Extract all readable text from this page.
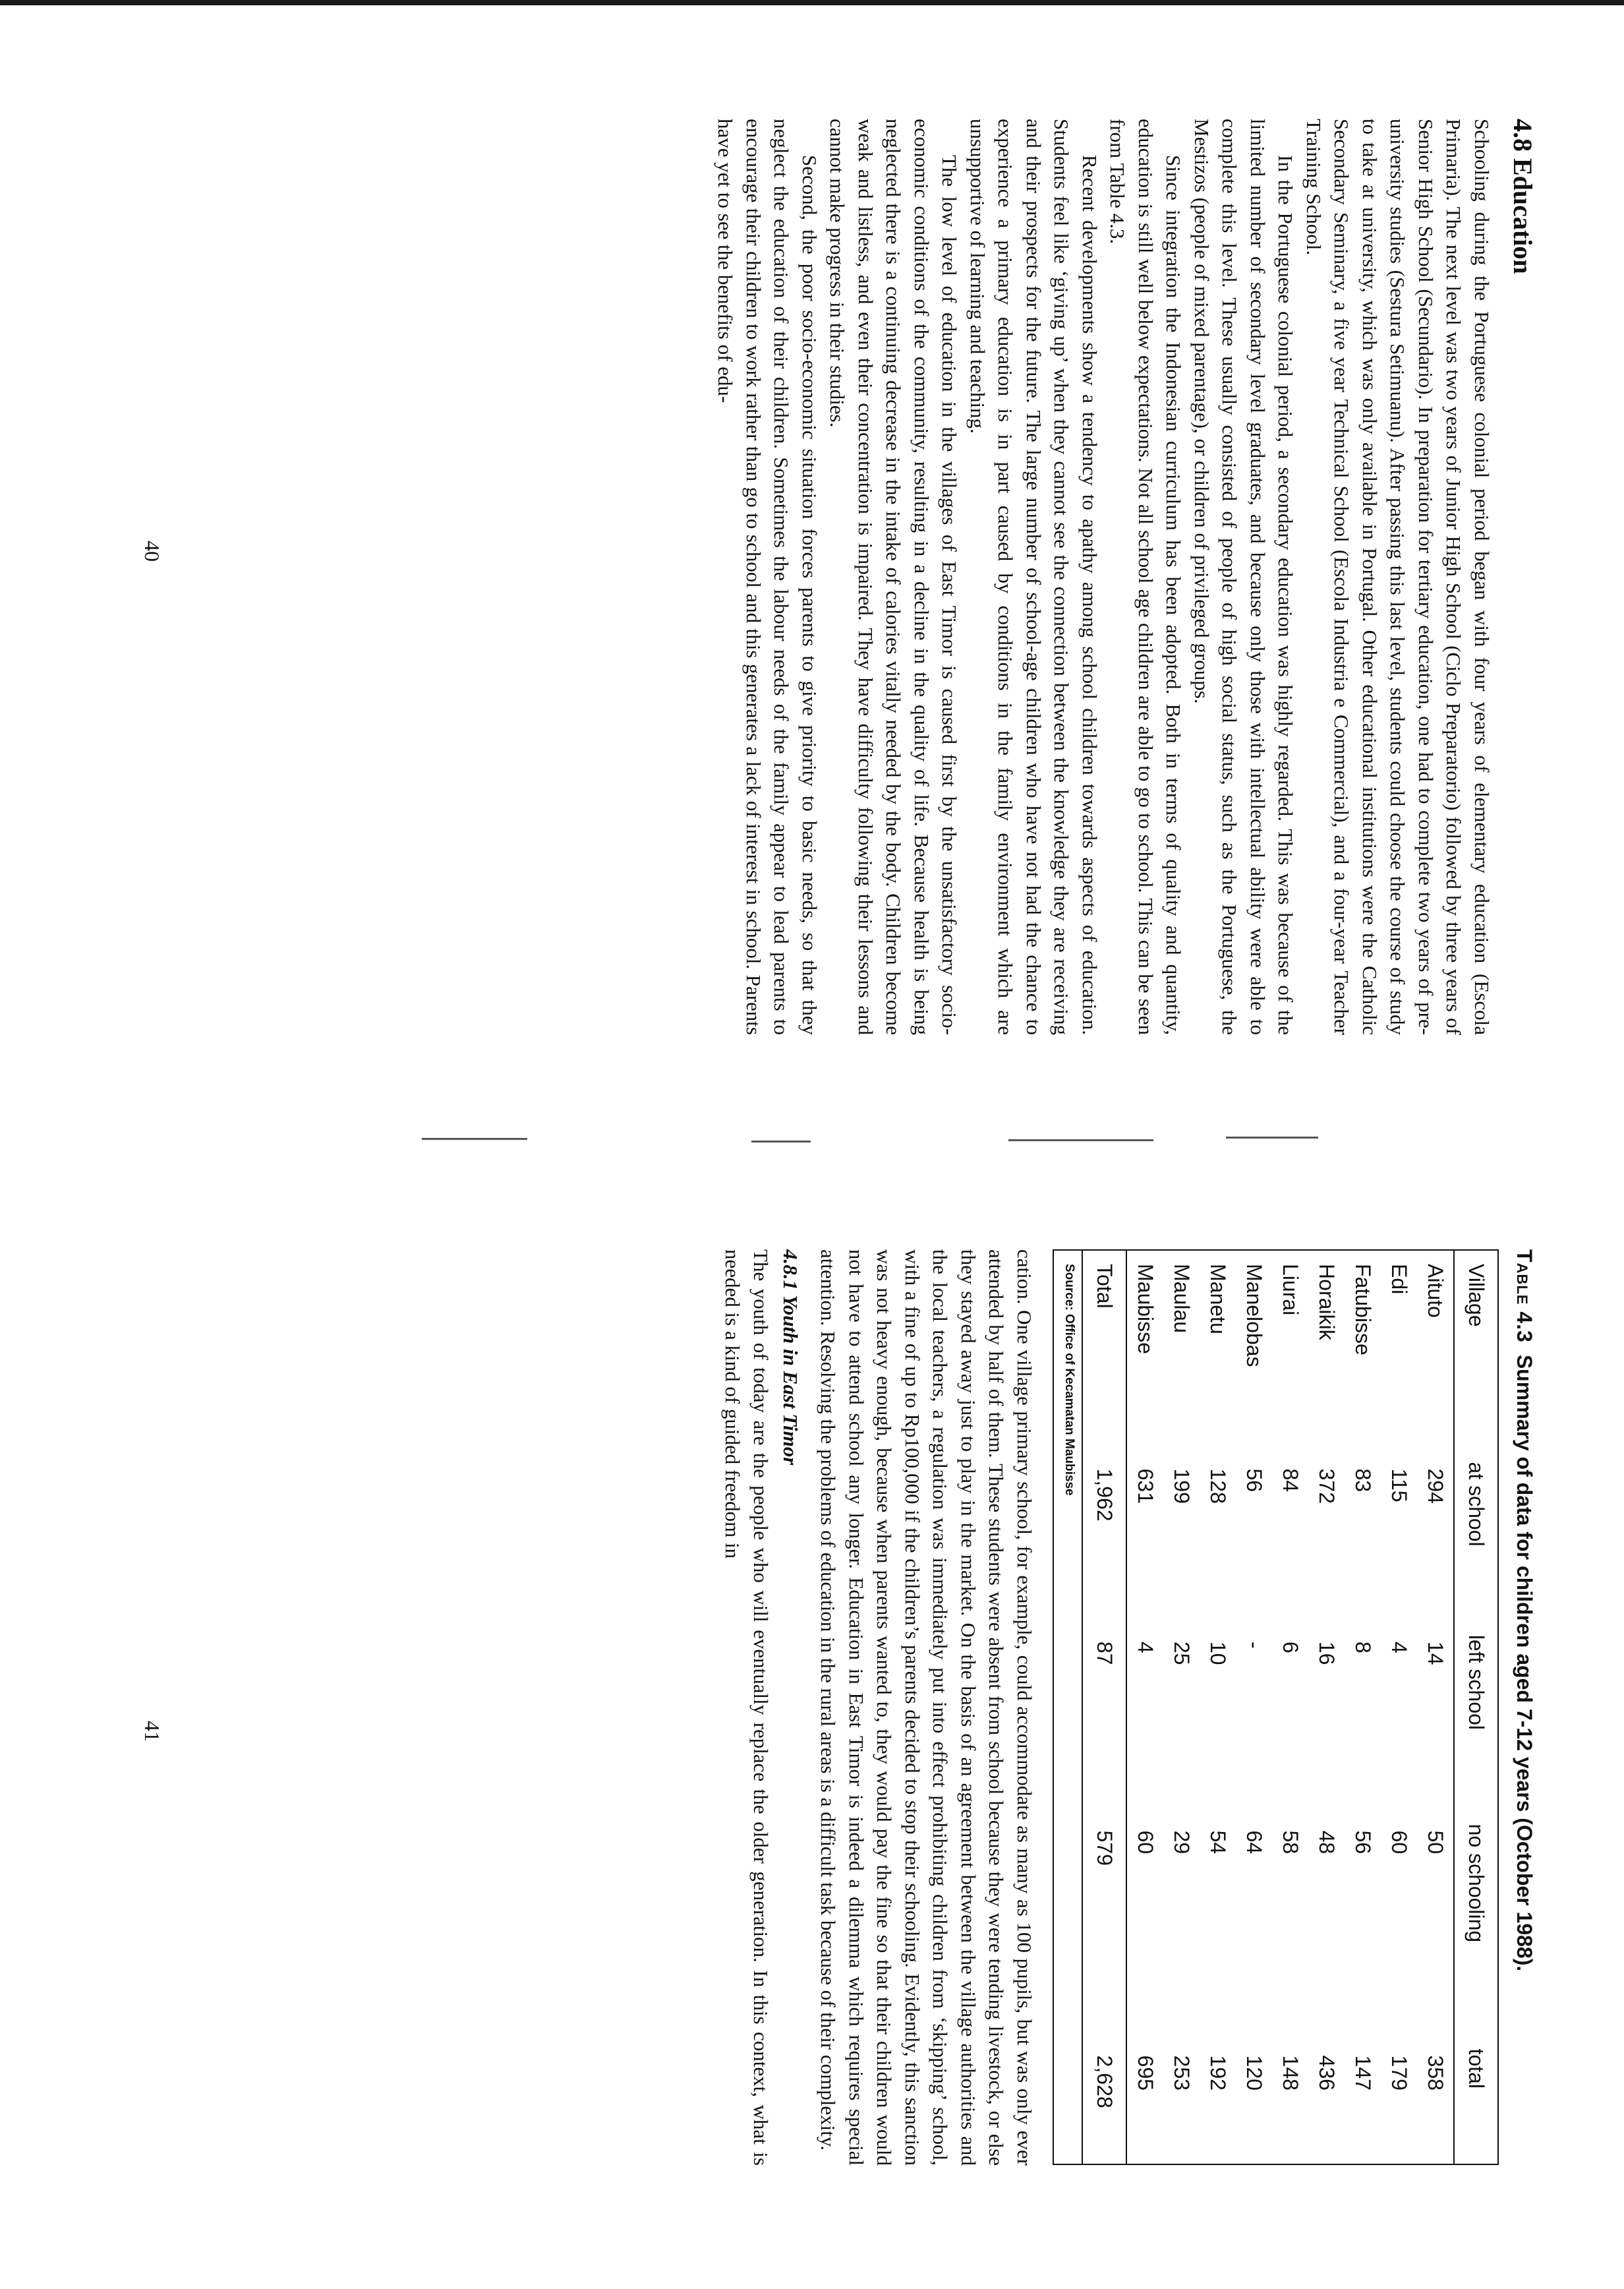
4.8 Education

Schooling during the Portuguese colonial period began with four years of elementary education (Escola Primaria). The next level was two years of Junior High School (Ciclo Preparatorio) followed by three years of Senior High School (Secundario). In preparation for tertiary education, one had to complete two years of pre-university studies (Sestura Setimuanu). After passing this last level, students could choose the course of study to take at university, which was only available in Portugal. Other educational institutions were the Catholic Secondary Seminary, a five year Technical School (Escola Industria e Commercial), and a four-year Teacher Training School.

In the Portuguese colonial period, a secondary education was highly regarded. This was because of the limited number of secondary level graduates, and because only those with intellectual ability were able to complete this level. These usually consisted of people of high social status, such as the Portuguese, the Mestizos (people of mixed parentage), or children of privileged groups.

Since integration the Indonesian curriculum has been adopted. Both in terms of quality and quantity, education is still well below expectations. Not all school age children are able to go to school. This can be seen from Table 4.3.

Recent developments show a tendency to apathy among school children towards aspects of education. Students feel like ‘giving up’ when they cannot see the connection between the knowledge they are receiving and their prospects for the future. The large number of school-age children who have not had the chance to experience a primary education is in part caused by conditions in the family environment which are unsupportive of learning and teaching.

The low level of education in the villages of East Timor is caused first by the unsatisfactory socio-economic conditions of the community, resulting in a decline in the quality of life. Because health is being neglected there is a continuing decrease in the intake of calories vitally needed by the body. Children become weak and listless, and even their concentration is impaired. They have difficulty following their lessons and cannot make progress in their studies.

Second, the poor socio-economic situation forces parents to give priority to basic needs, so that they neglect the education of their children. Sometimes the labour needs of the family appear to lead parents to encourage their children to work rather than go to school and this generates a lack of interest in school. Parents have yet to see the benefits of edu-

40
Table 4.3Summary of data for children aged 7-12 years (October 1988).
Village	at school	left school	no schooling	total
Aituto	294	14	50	358
Edi	115	4	60	179
Fatubisse	83	8	56	147
Horaikik	372	16	48	436
Liurai	84	6	58	148
Manelobas	56	-	64	120
Manetu	128	10	54	192
Maulau	199	25	29	253
Maubisse	631	4	60	695
Total	1,962	87	579	2,628
Source: Office of Kecamatan Maubisse

cation. One village primary school, for example, could accommodate as many as 100 pupils, but was only ever attended by half of them. These students were absent from school because they were tending livestock, or else they stayed away just to play in the market. On the basis of an agreement between the village authorities and the local teachers, a regulation was immediately put into effect prohibiting children from ‘skipping’ school, with a fine of up to Rp100,000 if the children’s parents decided to stop their schooling. Evidently, this sanction was not heavy enough, because when parents wanted to, they would pay the fine so that their children would not have to attend school any longer. Education in East Timor is indeed a dilemma which requires special attention. Resolving the problems of education in the rural areas is a difficult task because of their complexity.

4.8.1 Youth in East Timor

The youth of today are the people who will eventually replace the older generation. In this context, what is needed is a kind of guided freedom in

41
